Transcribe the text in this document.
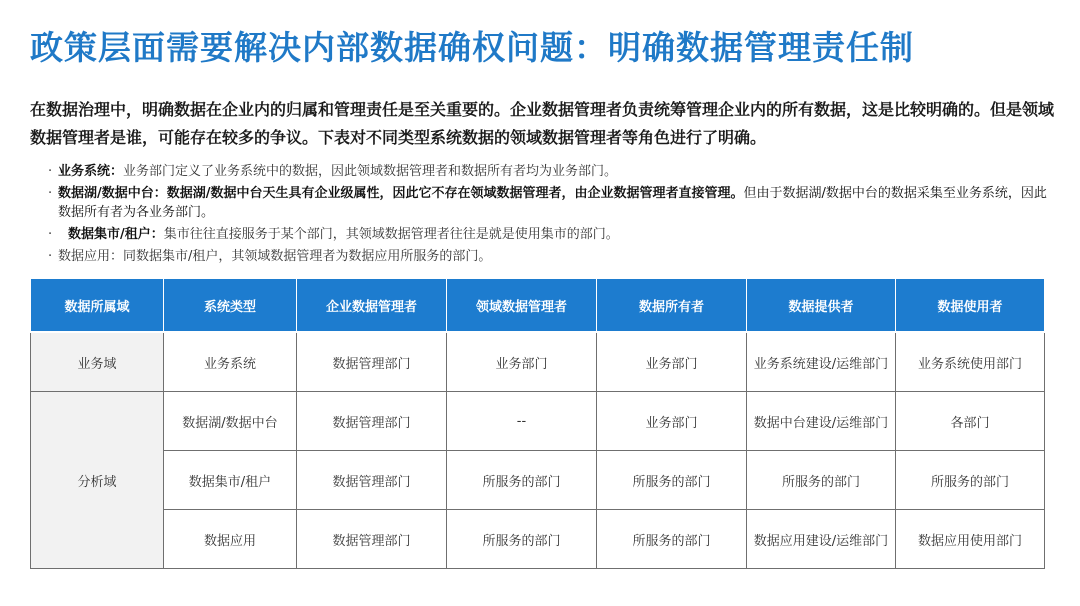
政策层面需要解决内部数据确权问题：明确数据管理责任制
在数据治理中，明确数据在企业内的归属和管理责任是至关重要的。企业数据管理者负责统筹管理企业内的所有数据，这是比较明确的。但是领域数据管理者是谁，可能存在较多的争议。下表对不同类型系统数据的领域数据管理者等角色进行了明确。
· 业务系统：业务部门定义了业务系统中的数据，因此领域数据管理者和数据所有者均为业务部门。
· 数据湖/数据中台：数据湖/数据中台天生具有企业级属性，因此它不存在领域数据管理者，由企业数据管理者直接管理。但由于数据湖/数据中台的数据采集至业务系统，因此数据所有者为各业务部门。
· 数据集市/租户：集市往往直接服务于某个部门，其领域数据管理者往往是就是使用集市的部门。
· 数据应用：同数据集市/租户，其领域数据管理者为数据应用所服务的部门。
数据所属域	系统类型	企业数据管理者	领域数据管理者	数据所有者	数据提供者	数据使用者
业务域	业务系统	数据管理部门	业务部门	业务部门	业务系统建设/运维部门	业务系统使用部门
分析域	数据湖/数据中台	数据管理部门	--	业务部门	数据中台建设/运维部门	各部门
	数据集市/租户	数据管理部门	所服务的部门	所服务的部门	所服务的部门	所服务的部门
	数据应用	数据管理部门	所服务的部门	所服务的部门	数据应用建设/运维部门	数据应用使用部门
